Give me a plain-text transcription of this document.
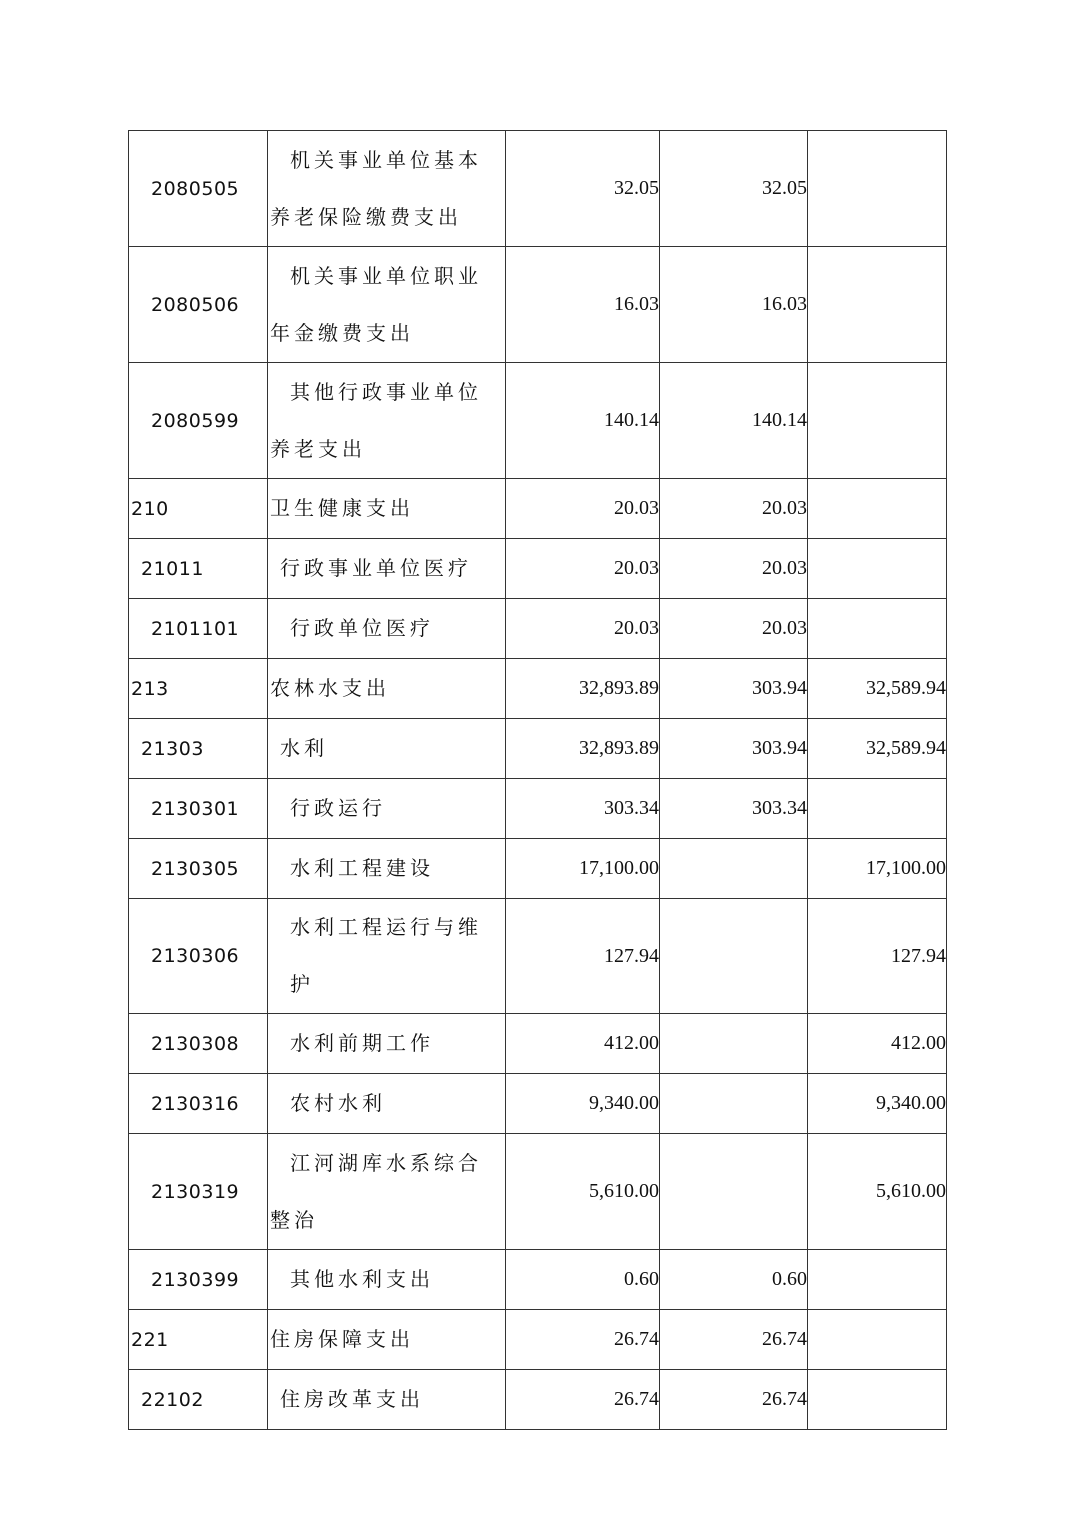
2080505	机关事业单位基本养老保险缴费支出	32.05	32.05	
2080506	机关事业单位职业年金缴费支出	16.03	16.03	
2080599	其他行政事业单位养老支出	140.14	140.14	
210	卫生健康支出	20.03	20.03	
21011	行政事业单位医疗	20.03	20.03	
2101101	行政单位医疗	20.03	20.03	
213	农林水支出	32,893.89	303.94	32,589.94
21303	水利	32,893.89	303.94	32,589.94
2130301	行政运行	303.34	303.34	
2130305	水利工程建设	17,100.00		17,100.00
2130306	水利工程运行与维护	127.94		127.94
2130308	水利前期工作	412.00		412.00
2130316	农村水利	9,340.00		9,340.00
2130319	江河湖库水系综合整治	5,610.00		5,610.00
2130399	其他水利支出	0.60	0.60	
221	住房保障支出	26.74	26.74	
22102	住房改革支出	26.74	26.74	
